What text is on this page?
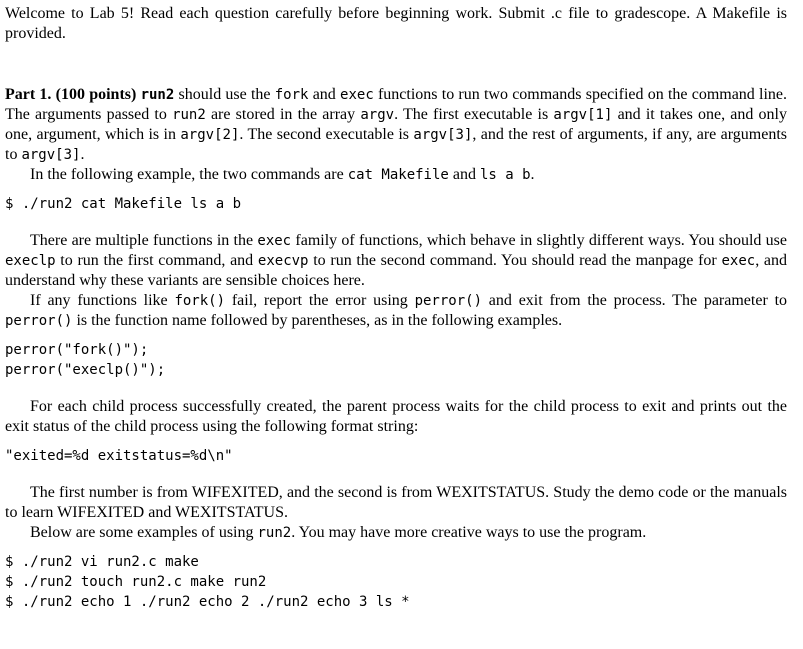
Welcome to Lab 5! Read each question carefully before beginning work. Submit .c file to gradescope. A Makefile is provided.

Part 1. (100 points) run2 should use the fork and exec functions to run two commands specified on the command line. The arguments passed to run2 are stored in the array argv. The first executable is argv[1] and it takes one, and only one, argument, which is in argv[2]. The second executable is argv[3], and the rest of arguments, if any, are arguments to argv[3].

In the following example, the two commands are cat Makefile and ls a b.

$ ./run2 cat Makefile ls a b

There are multiple functions in the exec family of functions, which behave in slightly different ways. You should use execlp to run the first command, and execvp to run the second command. You should read the manpage for exec, and understand why these variants are sensible choices here.

If any functions like fork() fail, report the error using perror() and exit from the process. The parameter to perror() is the function name followed by parentheses, as in the following examples.

perror("fork()");
perror("execlp()");

For each child process successfully created, the parent process waits for the child process to exit and prints out the exit status of the child process using the following format string:

"exited=%d exitstatus=%d\n"

The first number is from WIFEXITED, and the second is from WEXITSTATUS. Study the demo code or the manuals to learn WIFEXITED and WEXITSTATUS.

Below are some examples of using run2. You may have more creative ways to use the program.

$ ./run2 vi run2.c make
$ ./run2 touch run2.c make run2
$ ./run2 echo 1 ./run2 echo 2 ./run2 echo 3 ls *
